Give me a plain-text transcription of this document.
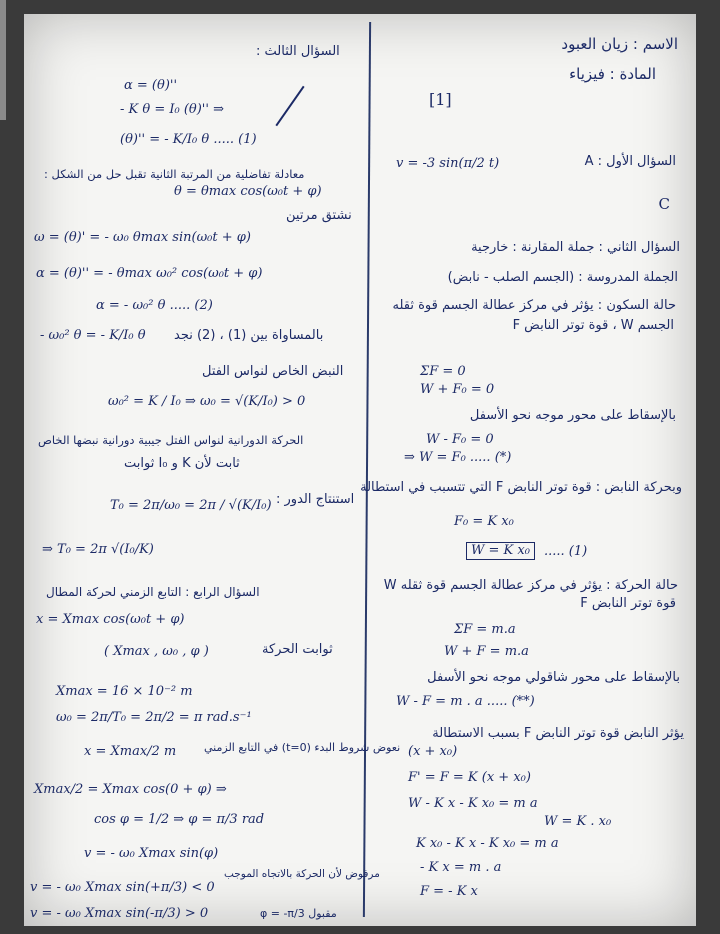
الاسم : زيان العبود
المادة : فيزياء
[1]
السؤال الأول : A
v = -3 sin(π/2 t)
C
السؤال الثاني : جملة المقارنة : خارجية
الجملة المدروسة : (الجسم الصلب - نابض)
حالة السكون : يؤثر في مركز عطالة الجسم قوة ثقله
الجسم W ، قوة توتر النابض F
ΣF = 0
W + F₀ = 0
بالإسقاط على محور موجه نحو الأسفل
W - F₀ = 0
⇒ W = F₀ ..... (*)
وبحركة النابض : قوة توتر النابض F التي تتسبب في استطالة
F₀ = K x₀
W = K x₀	..... (1)
حالة الحركة : يؤثر في مركز عطالة الجسم قوة ثقله W
قوة توتر النابض F
ΣF = m.a
W + F = m.a
بالإسقاط على محور شاقولي موجه نحو الأسفل
W - F = m . a ..... (**)
يؤثر النابض قوة توتر النابض F بسبب الاستطالة
(x + x₀)
F' = F = K (x + x₀)
W - K x - K x₀ = m a
W = K . x₀
K x₀ - K x - K x₀ = m a
- K x = m . a
F = - K x
السؤال الثالث :
α = (θ)''
- K θ = I₀ (θ)'' ⇒
(θ)'' = - K/I₀ θ ..... (1)
معادلة تفاضلية من المرتبة الثانية تقبل حل من الشكل :
θ = θmax cos(ω₀t + φ)
نشتق مرتين
ω = (θ)' = - ω₀ θmax sin(ω₀t + φ)
α = (θ)'' = - θmax ω₀² cos(ω₀t + φ)
α = - ω₀² θ ..... (2)
- ω₀² θ = - K/I₀ θ بالمساواة بين (1) ، (2) نجد
النبض الخاص لنواس الفتل
ω₀² = K / I₀ ⇒ ω₀ = √(K/I₀) > 0
الحركة الدورانية لنواس الفتل جيبية دورانية نبضها الخاص
ثابت لأن K و I₀ ثوابت
استنتاج الدور :
T₀ = 2π/ω₀ = 2π / √(K/I₀)
⇒ T₀ = 2π √(I₀/K)
السؤال الرابع : التابع الزمني لحركة المطال
x = Xmax cos(ω₀t + φ)
ثوابت الحركة
( Xmax , ω₀ , φ )
Xmax = 16 × 10⁻² m
ω₀ = 2π/T₀ = 2π/2 = π rad.s⁻¹
نعوض شروط البدء (t=0) في التابع الزمني
x = Xmax/2 m
Xmax/2 = Xmax cos(0 + φ) ⇒
cos φ = 1/2 ⇒ φ = π/3 rad
v = - ω₀ Xmax sin(φ)
v = - ω₀ Xmax sin(+π/3) < 0
مرفوض لأن الحركة بالاتجاه الموجب
v = - ω₀ Xmax sin(-π/3) > 0	مقبول φ = -π/3
